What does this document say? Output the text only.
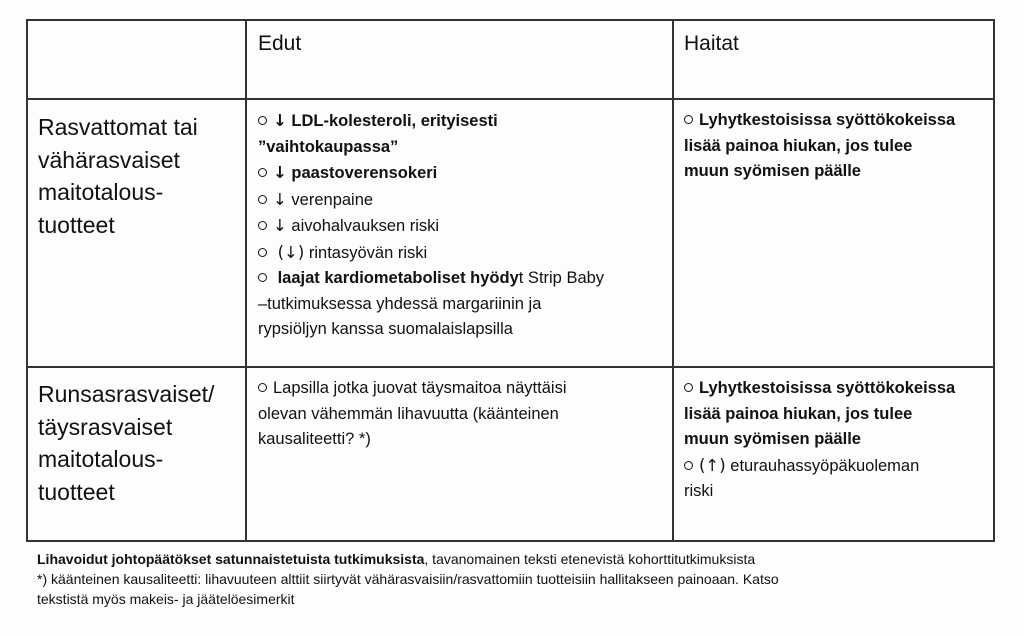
Edut	Haitat
Rasvattomat tai
vähärasvaiset
maitotalous-
tuotteet
↓ LDL-kolesteroli, erityisesti
”vaihtokaupassa”
↓ paastoverensokeri
↓ verenpaine
↓ aivohalvauksen riski
(↓) rintasyövän riski
laajat kardiometaboliset hyödyt Strip Baby
–tutkimuksessa yhdessä margariinin ja
rypsiöljyn kanssa suomalaislapsilla
Lyhytkestoisissa syöttökokeissa
lisää painoa hiukan, jos tulee
muun syömisen päälle
Runsasrasvaiset/
täysrasvaiset
maitotalous-
tuotteet
Lapsilla jotka juovat täysmaitoa näyttäisi
olevan vähemmän lihavuutta (käänteinen
kausaliteetti? *)
Lyhytkestoisissa syöttökokeissa
lisää painoa hiukan, jos tulee
muun syömisen päälle
(↑) eturauhassyöpäkuoleman
riski
Lihavoidut johtopäätökset satunnaistetuista tutkimuksista, tavanomainen teksti etenevistä kohorttitutkimuksista
*) käänteinen kausaliteetti: lihavuuteen alttiit siirtyvät vähärasvaisiin/rasvattomiin tuotteisiin hallitakseen painoaan. Katso
tekstistä myös makeis- ja jäätelöesimerkit
